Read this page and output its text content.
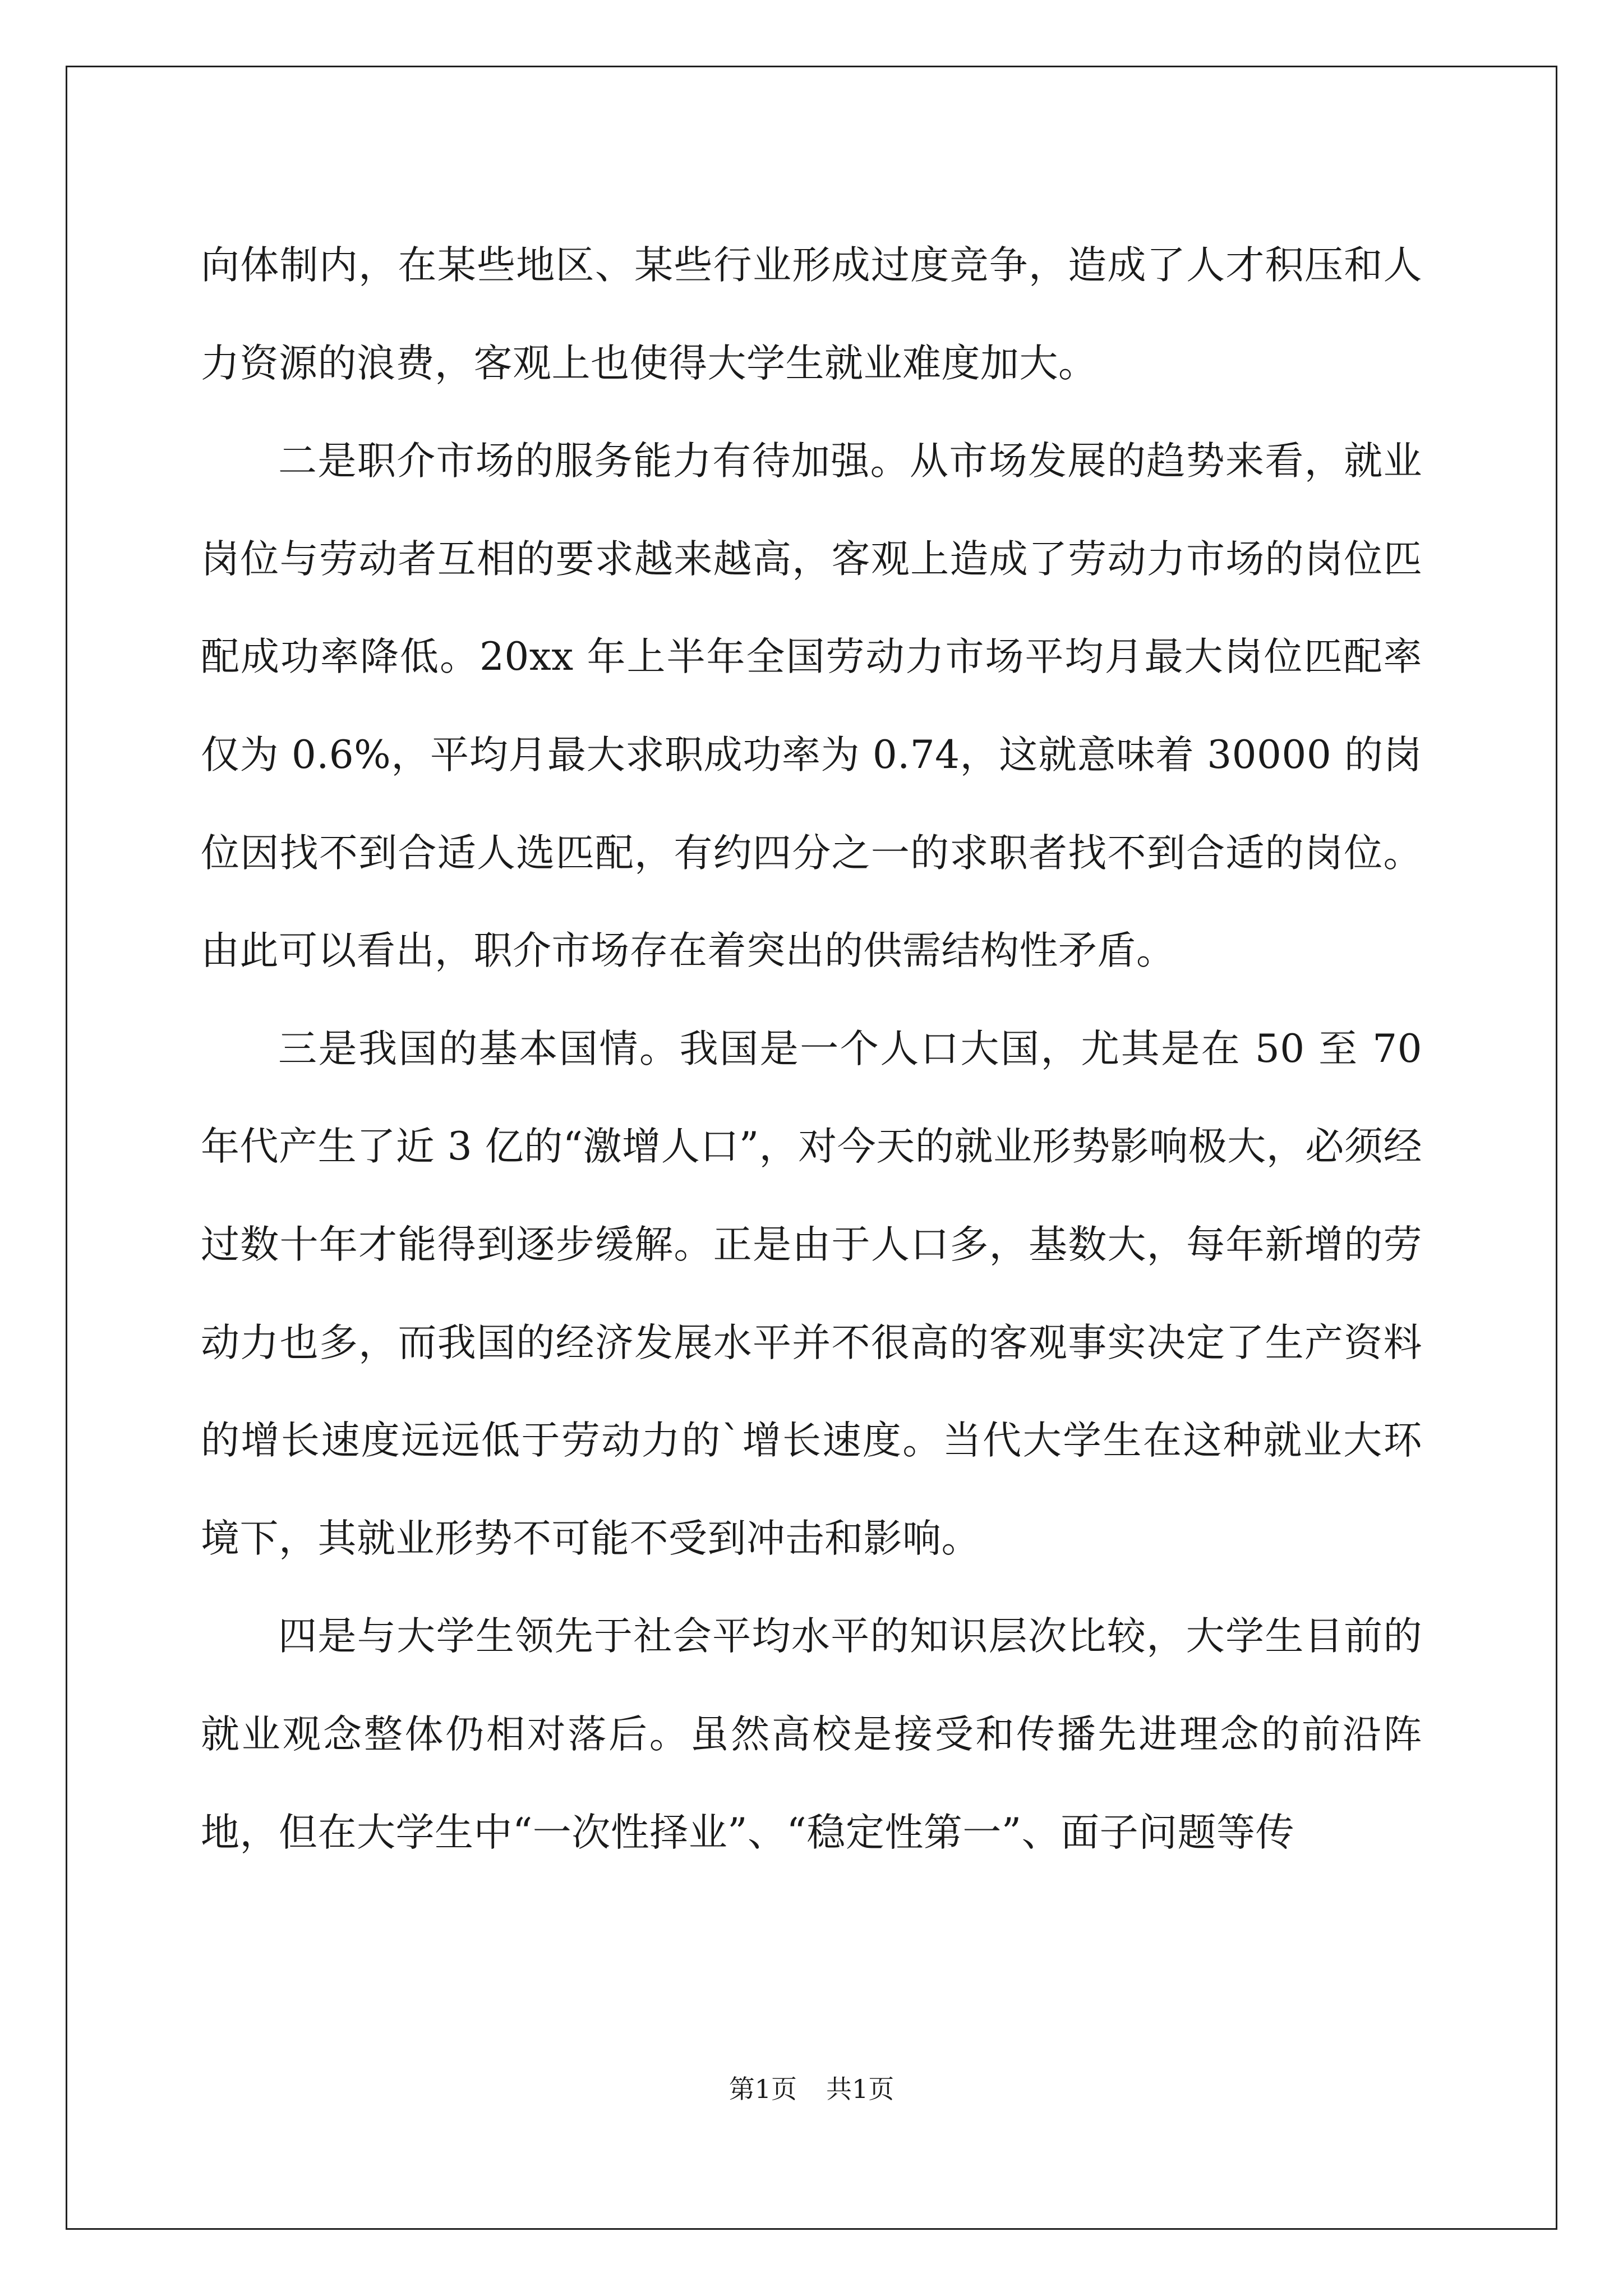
向体制内，在某些地区、某些行业形成过度竞争，造成了人才积压和人力资源的浪费，客观上也使得大学生就业难度加大。

二是职介市场的服务能力有待加强。从市场发展的趋势来看，就业岗位与劳动者互相的要求越来越高，客观上造成了劳动力市场的岗位匹配成功率降低。20xx 年上半年全国劳动力市场平均月最大岗位匹配率仅为 0.6%，平均月最大求职成功率为 0.74，这就意味着 30000 的岗位因找不到合适人选匹配，有约四分之一的求职者找不到合适的岗位。由此可以看出，职介市场存在着突出的供需结构性矛盾。

三是我国的基本国情。我国是一个人口大国，尤其是在 50 至 70 年代产生了近 3 亿的“激增人口”，对今天的就业形势影响极大，必须经过数十年才能得到逐步缓解。正是由于人口多，基数大，每年新增的劳动力也多，而我国的经济发展水平并不很高的客观事实决定了生产资料的增长速度远远低于劳动力的`增长速度。当代大学生在这种就业大环境下，其就业形势不可能不受到冲击和影响。

四是与大学生领先于社会平均水平的知识层次比较，大学生目前的就业观念整体仍相对落后。虽然高校是接受和传播先进理念的前沿阵地，但在大学生中“一次性择业”、“稳定性第一”、面子问题等传

第1页 共1页
